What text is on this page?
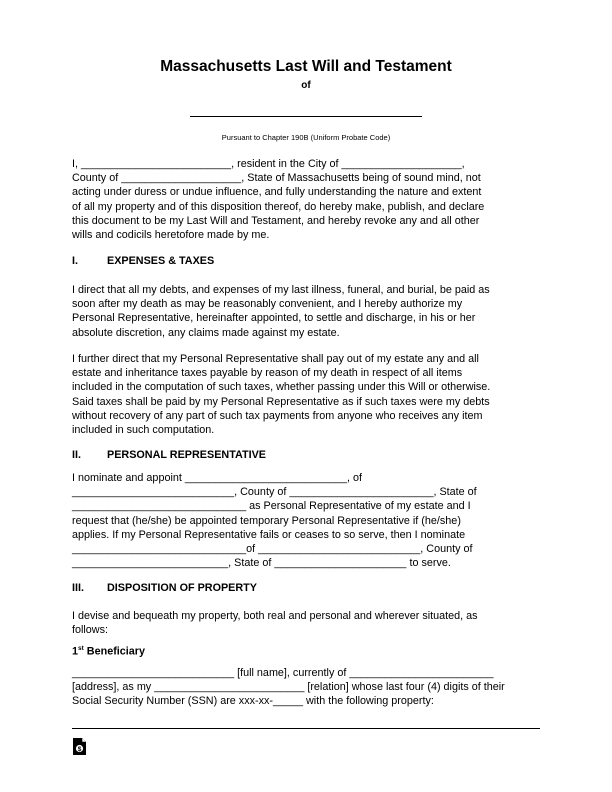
Massachusetts Last Will and Testament
of
Pursuant to Chapter 190B (Uniform Probate Code)
I, _________________________, resident in the City of ____________________,
County of ____________________, State of Massachusetts being of sound mind, not
acting under duress or undue influence, and fully understanding the nature and extent
of all my property and of this disposition thereof, do hereby make, publish, and declare
this document to be my Last Will and Testament, and hereby revoke any and all other
wills and codicils heretofore made by me.
I.	EXPENSES & TAXES
I direct that all my debts, and expenses of my last illness, funeral, and burial, be paid as
soon after my death as may be reasonably convenient, and I hereby authorize my
Personal Representative, hereinafter appointed, to settle and discharge, in his or her
absolute discretion, any claims made against my estate.
I further direct that my Personal Representative shall pay out of my estate any and all
estate and inheritance taxes payable by reason of my death in respect of all items
included in the computation of such taxes, whether passing under this Will or otherwise.
Said taxes shall be paid by my Personal Representative as if such taxes were my debts
without recovery of any part of such tax payments from anyone who receives any item
included in such computation.
II. PERSONAL REPRESENTATIVE
I nominate and appoint ___________________________, of
___________________________, County of ________________________, State of
_____________________________ as Personal Representative of my estate and I
request that (he/she) be appointed temporary Personal Representative if (he/she)
applies. If my Personal Representative fails or ceases to so serve, then I nominate
_____________________________of ___________________________, County of
__________________________, State of ______________________ to serve.
III. DISPOSITION OF PROPERTY
I devise and bequeath my property, both real and personal and wherever situated, as
follows:
1st Beneficiary
___________________________ [full name], currently of ________________________
[address], as my _________________________ [relation] whose last four (4) digits of their
Social Security Number (SSN) are xxx-xx-_____ with the following property:
$
